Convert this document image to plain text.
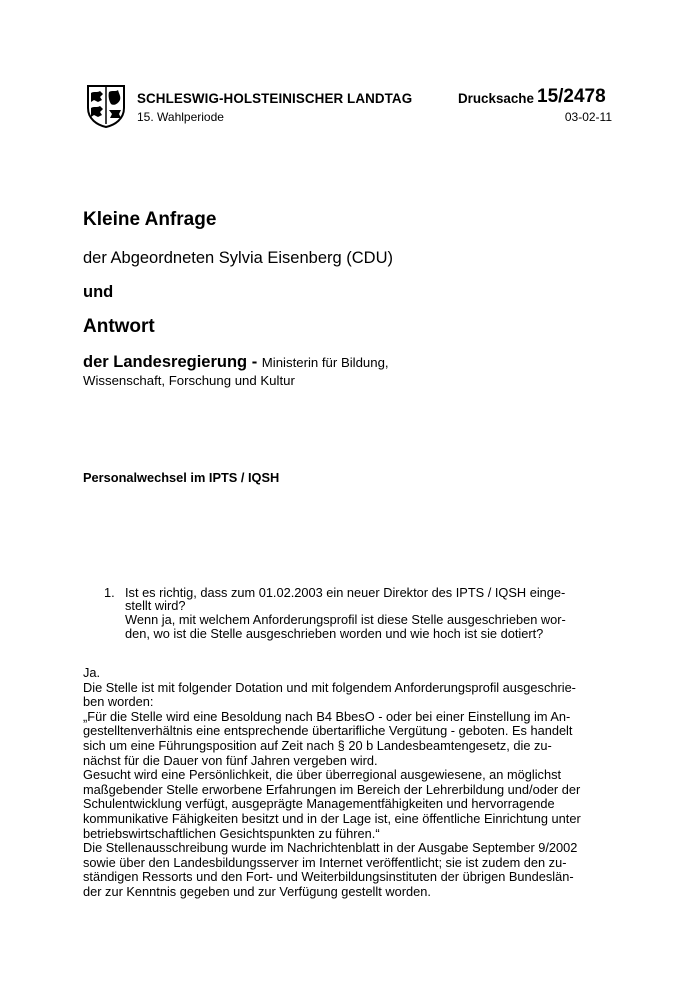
SCHLESWIG-HOLSTEINISCHER LANDTAG
15. Wahlperiode
Drucksache 15/2478
03-02-11
Kleine Anfrage
der Abgeordneten Sylvia Eisenberg (CDU)
und
Antwort
der Landesregierung - Ministerin für Bildung,
Wissenschaft, Forschung und Kultur
Personalwechsel im IPTS / IQSH
1. Ist es richtig, dass zum 01.02.2003 ein neuer Direktor des IPTS / IQSH einge-
stellt wird?
Wenn ja, mit welchem Anforderungsprofil ist diese Stelle ausgeschrieben wor-
den, wo ist die Stelle ausgeschrieben worden und wie hoch ist sie dotiert?
Ja.
Die Stelle ist mit folgender Dotation und mit folgendem Anforderungsprofil ausgeschrie-
ben worden:
„Für die Stelle wird eine Besoldung nach B4 BbesO - oder bei einer Einstellung im An-
gestelltenverhältnis eine entsprechende übertarifliche Vergütung - geboten. Es handelt
sich um eine Führungsposition auf Zeit nach § 20 b Landesbeamtengesetz, die zu-
nächst für die Dauer von fünf Jahren vergeben wird.
Gesucht wird eine Persönlichkeit, die über überregional ausgewiesene, an möglichst
maßgebender Stelle erworbene Erfahrungen im Bereich der Lehrerbildung und/oder der
Schulentwicklung verfügt, ausgeprägte Managementfähigkeiten und hervorragende
kommunikative Fähigkeiten besitzt und in der Lage ist, eine öffentliche Einrichtung unter
betriebswirtschaftlichen Gesichtspunkten zu führen.“
Die Stellenausschreibung wurde im Nachrichtenblatt in der Ausgabe September 9/2002
sowie über den Landesbildungsserver im Internet veröffentlicht; sie ist zudem den zu-
ständigen Ressorts und den Fort- und Weiterbildungsinstituten der übrigen Bundeslän-
der zur Kenntnis gegeben und zur Verfügung gestellt worden.
